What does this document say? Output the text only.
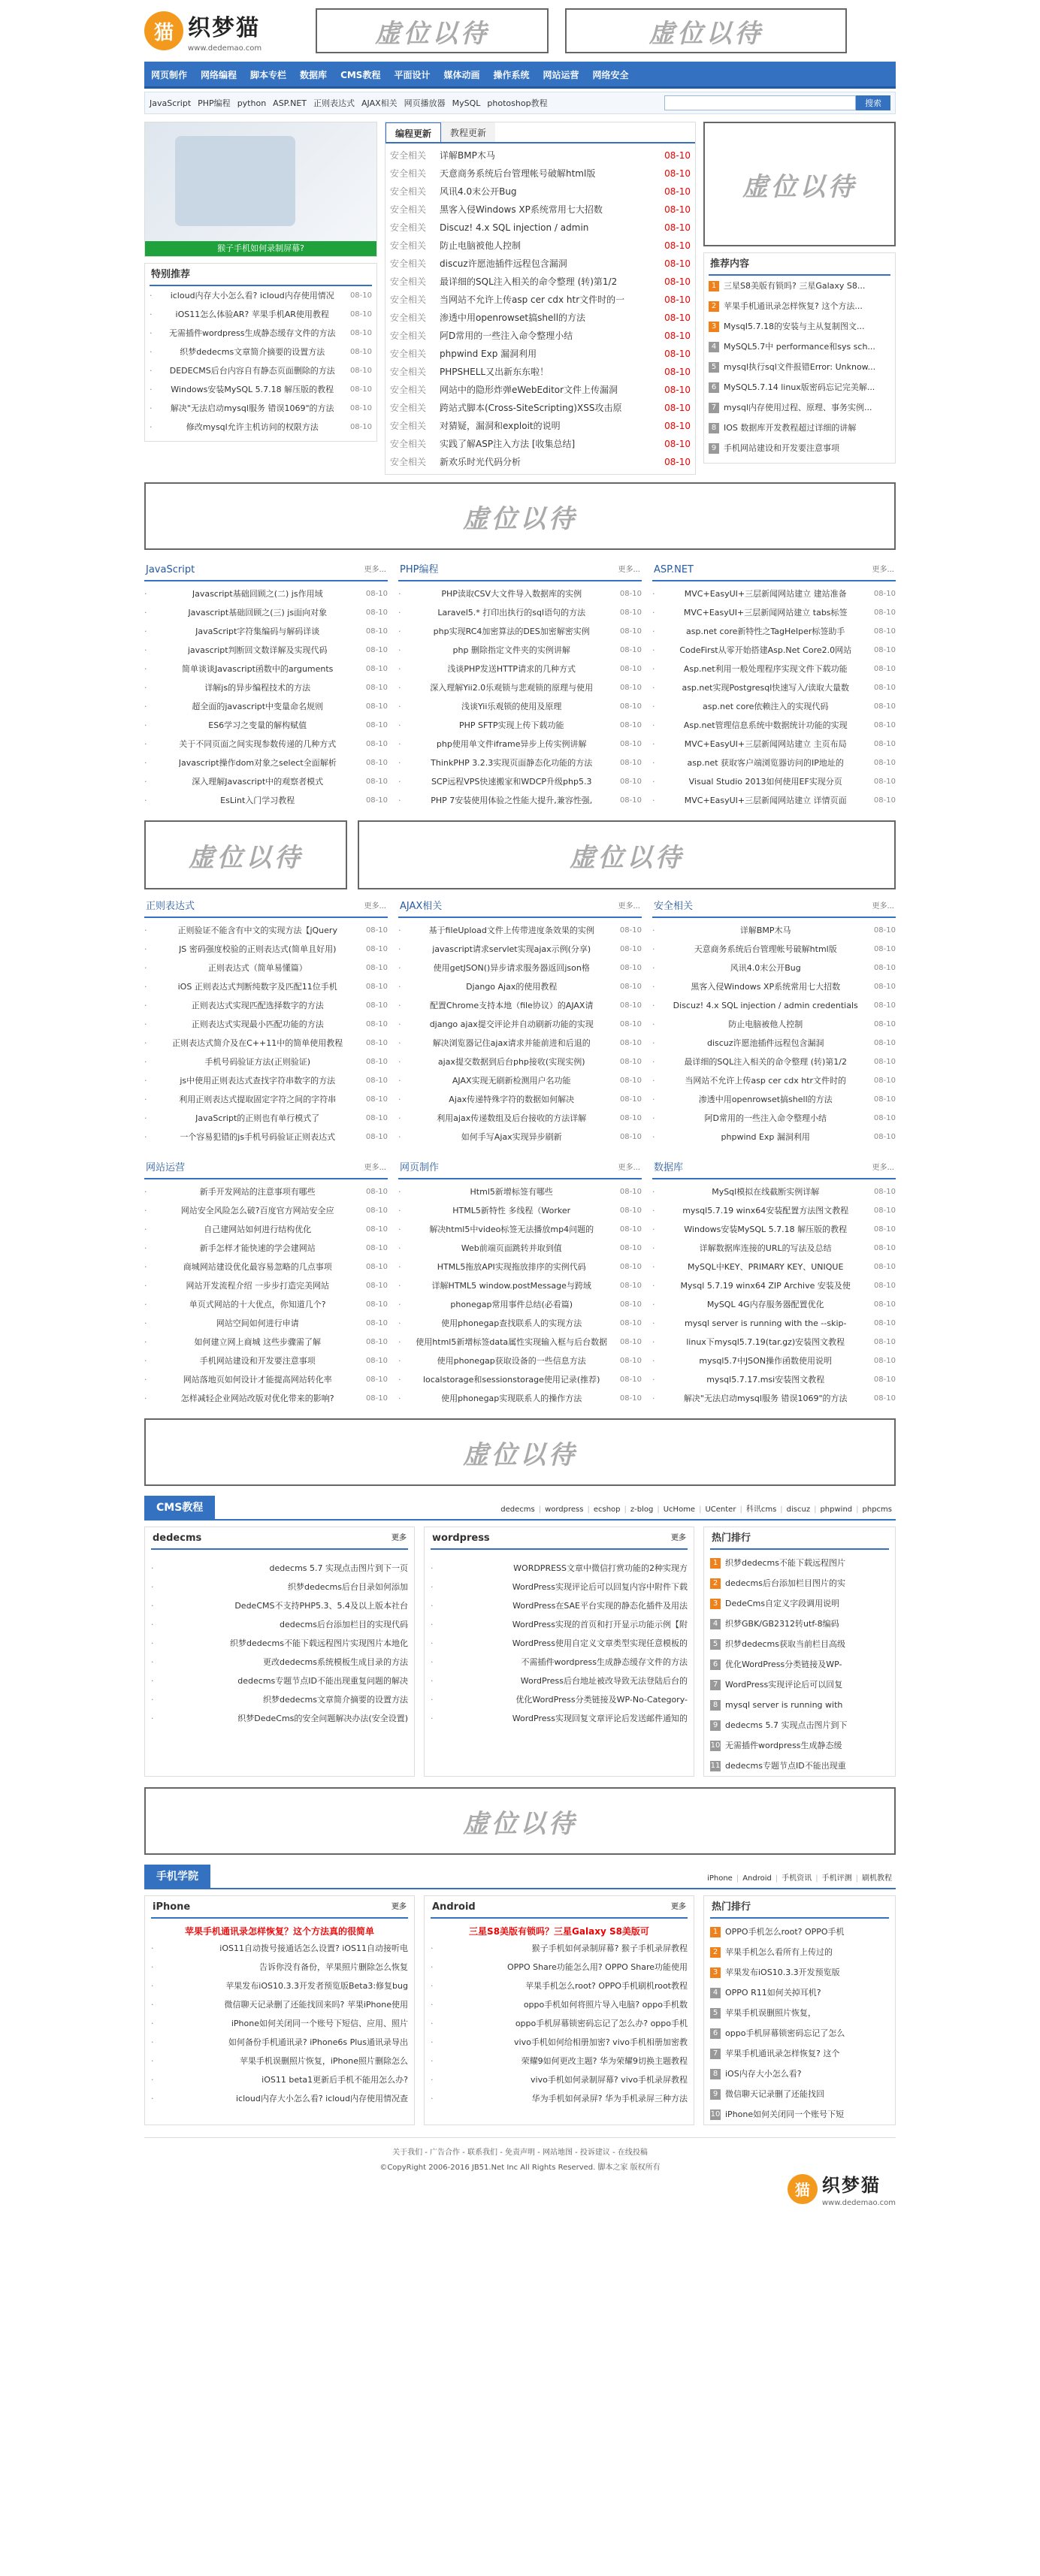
猫 织梦猫
www.dedemao.com	虚位以待	虚位以待
网页制作	网络编程	脚本专栏	数据库	CMS教程	平面设计	媒体动画	操作系统	网站运营	网络安全
JavaScript PHP编程 python ASP.NET 正则表达式 AJAX相关 网页播放器 MySQL photoshop教程	搜索
猴子手机如何录制屏幕?
特别推荐
· icloud内存大小怎么看? icloud内存使用情况 08-10
· iOS11怎么体验AR? 苹果手机AR使用教程	08-10
· 无需插件wordpress生成静态缓存文件的方法 08-10
· 织梦dedecms文章简介摘要的设置方法	08-10
· DEDECMS后台内容自有静态页面删除的方法 08-10
· Windows安装MySQL 5.7.18 解压版的教程 08-10
· 解决"无法启动mysql服务 错误1069"的方法 08-10
· 修改mysql允许主机访问的权限方法	08-10
编程更新	教程更新
安全相关	详解BMP木马	08-10
安全相关	天意商务系统后台管理帐号破解html版	08-10
安全相关	风讯4.0末公开Bug	08-10
安全相关	黑客入侵Windows XP系统常用七大招数	08-10
安全相关	Discuz! 4.x SQL injection / admin	08-10
安全相关	防止电脑被他人控制	08-10
安全相关	discuz许愿池插件远程包含漏洞	08-10
安全相关	最详细的SQL注入相关的命令整理 (转)第1/2	08-10
安全相关	当网站不允许上传asp cer cdx htr文件时的一	08-10
安全相关	渗透中用openrowset搞shell的方法	08-10
安全相关	阿D常用的一些注入命令整理小结	08-10
安全相关	phpwind Exp 漏洞利用	08-10
安全相关	PHPSHELL又出新东东啦！	08-10
安全相关	网站中的隐形炸弹eWebEditor文件上传漏洞	08-10
安全相关	跨站式脚本(Cross-SiteScripting)XSS攻击原	08-10
安全相关	对猜疑，漏洞和exploit的说明	08-10
安全相关	实践了解ASP注入方法 [收集总结]	08-10
安全相关	新欢乐时光代码分析	08-10
虚位以待
推荐内容
1 三星S8美版有锁吗? 三星Galaxy S8...
2 苹果手机通讯录怎样恢复? 这个方法...
3 MysqI5.7.18的安装与主从复制图文...
4 MySQL5.7中 performance和sys sch...
5 mysql执行sql文件报错Error: Unknow...
6 MySQL5.7.14 linux版密码忘记完美解...
7 mysql内存使用过程、原理、事务实例...
8 IOS 数据库开发教程超过详细的讲解
9 手机网站建设和开发要注意事项
虚位以待
JavaScript	更多...
· Javascript基础回顾之(二) js作用域	08-10
· Javascript基础回顾之(三) js面向对象	08-10
· JavaScript字符集编码与解码详谈	08-10
· javascript判断回文数详解及实现代码	08-10
· 简单谈谈Javascript函数中的arguments	08-10
· 详解js的异步编程技术的方法	08-10
· 超全面的javascript中变量命名规则	08-10
· ES6学习之变量的解构赋值	08-10
· 关于不同页面之间实现参数传递的几种方式	08-10
· Javascript操作dom对象之select全面解析	08-10
· 深入理解Javascript中的观察者模式	08-10
· EsLint入门学习教程	08-10
PHP编程	更多...
· PHP读取CSV大文件导入数据库的实例	08-10
· Laravel5.* 打印出执行的sql语句的方法	08-10
· php实现RC4加密算法的DES加密解密实例	08-10
· php 删除指定文件夹的实例讲解	08-10
· 浅谈PHP发送HTTP请求的几种方式	08-10
· 深入理解Yii2.0乐观锁与悲观锁的原理与使用	08-10
· 浅谈Yii乐观锁的使用及原理	08-10
· PHP SFTP实现上传下载功能	08-10
· php使用单文件iframe异步上传实例讲解	08-10
· ThinkPHP 3.2.3实现页面静态化功能的方法	08-10
· SCP远程VPS快速搬家和WDCP升级php5.3	08-10
· PHP 7安装使用体验之性能大提升,兼容性强,	08-10
ASP.NET	更多...
· MVC+EasyUI+三层新闻网站建立 建站准备	08-10
· MVC+EasyUI+三层新闻网站建立 tabs标签	08-10
· asp.net core新特性之TagHelper标签助手	08-10
· CodeFirst从零开始搭建Asp.Net Core2.0网站	08-10
· Asp.net利用一般处理程序实现文件下载功能	08-10
· asp.net实现Postgresql快速写入/读取大量数	08-10
· asp.net core依赖注入的实现代码	08-10
· Asp.net管理信息系统中数据统计功能的实现	08-10
· MVC+EasyUI+三层新闻网站建立 主页布局	08-10
· asp.net 获取客户端浏览器访问的IP地址的	08-10
· Visual Studio 2013如何使用EF实现分页	08-10
· MVC+EasyUI+三层新闻网站建立 详情页面	08-10
虚位以待	虚位以待
正则表达式	更多...
· 正则验证不能含有中文的实现方法【jQuery	08-10
· JS 密码强度校验的正则表达式(简单且好用)	08-10
· 正则表达式（简单易懂篇）	08-10
· iOS 正则表达式判断纯数字及匹配11位手机	08-10
· 正则表达式实现匹配选择数字的方法	08-10
· 正则表达式实现最小匹配功能的方法	08-10
· 正则表达式简介及在C++11中的简单使用教程	08-10
· 手机号码验证方法(正则验证)	08-10
· js中使用正则表达式查找字符串数字的方法	08-10
· 利用正则表达式提取固定字符之间的字符串	08-10
· JavaScript的正则也有单行模式了	08-10
· 一个容易犯错的js手机号码验证正则表达式	08-10
AJAX相关	更多...
· 基于fileUpload文件上传带进度条效果的实例	08-10
· javascript请求servlet实现ajax示例(分享)	08-10
· 使用getJSON()异步请求服务器返回json格	08-10
· Django Ajax的使用教程	08-10
· 配置Chrome支持本地（file协议）的AJAX请	08-10
· django ajax提交评论并自动刷新功能的实现	08-10
· 解决浏览器记住ajax请求并能前进和后退的	08-10
· ajax提交数据到后台php接收(实现实例)	08-10
· AJAX实现无刷新检测用户名功能	08-10
· Ajax传递特殊字符的数据如何解决	08-10
· 利用ajax传递数组及后台接收的方法详解	08-10
· 如何手写Ajax实现异步刷新	08-10
安全相关	更多...
· 详解BMP木马	08-10
· 天意商务系统后台管理帐号破解html版	08-10
· 风讯4.0末公开Bug	08-10
· 黑客入侵Windows XP系统常用七大招数	08-10
· Discuz! 4.x SQL injection / admin credentials 08-10
· 防止电脑被他人控制	08-10
· discuz许愿池插件远程包含漏洞	08-10
· 最详细的SQL注入相关的命令整理 (转)第1/2	08-10
· 当网站不允许上传asp cer cdx htr文件时的	08-10
· 渗透中用openrowset搞shell的方法	08-10
· 阿D常用的一些注入命令整理小结	08-10
· phpwind Exp 漏洞利用	08-10
网站运营	更多...
· 新手开发网站的注意事项有哪些	08-10
· 网站安全风险怎么破?百度官方网站安全应	08-10
· 自己建网站如何进行结构优化	08-10
· 新手怎样才能快速的学会建网站	08-10
· 商城网站建设优化最容易忽略的几点事项	08-10
· 网站开发流程介绍 一步步打造完美网站	08-10
· 单页式网站的十大优点，你知道几个?	08-10
· 网站空间如何进行申请	08-10
· 如何建立网上商城 这些步骤需了解	08-10
· 手机网站建设和开发要注意事项	08-10
· 网站落地页如何设计才能提高网站转化率	08-10
· 怎样减轻企业网站改版对优化带来的影响?	08-10
网页制作	更多...
· Html5新增标签有哪些	08-10
· HTML5新特性 多线程（Worker	08-10
· 解决html5中video标签无法播放mp4问题的	08-10
· Web前端页面跳转并取到值	08-10
· HTML5拖放API实现拖放排序的实例代码	08-10
· 详解HTML5 window.postMessage与跨域	08-10
· phonegap常用事件总结(必看篇)	08-10
· 使用phonegap查找联系人的实现方法	08-10
· 使用html5新增标签data属性实现输入框与后台数据 08-10
· 使用phonegap获取设备的一些信息方法	08-10
· localstorage和sessionstorage使用记录(推荐)	08-10
· 使用phonegap实现联系人的操作方法	08-10
数据库	更多...
· MySql模拟在线截断实例详解	08-10
· mysql5.7.19 winx64安装配置方法图文教程	08-10
· Windows安装MySQL 5.7.18 解压版的教程	08-10
· 详解数据库连接的URL的写法及总结	08-10
· MySQL中KEY、PRIMARY KEY、UNIQUE	08-10
· Mysql 5.7.19 winx64 ZIP Archive 安装及使	08-10
· MySQL 4G内存服务器配置优化	08-10
· mysql server is running with the --skip-	08-10
· linux下mysql5.7.19(tar.gz)安装图文教程	08-10
· mysql5.7中JSON操作函数使用说明	08-10
· mysql5.7.17.msi安装图文教程	08-10
· 解决"无法启动mysql服务 错误1069"的方法	08-10
虚位以待
CMS教程	dedecms | wordpress | ecshop | z-blog | UcHome | UCenter | 科讯cms | discuz | phpwind | phpcms
dedecms	更多
· dedecms 5.7 实现点击图片到下一页
· 织梦dedecms后台目录如何添加
· DedeCMS不支持PHP5.3、5.4及以上版本社台
· dedecms后台添加栏目的实现代码
· 织梦dedecms不能下载远程图片实现图片本地化
· 更改dedecms系统模板生成目录的方法
· dedecms专题节点ID不能出现重复问题的解决
· 织梦dedecms文章简介摘要的设置方法
· 织梦DedeCms的安全问题解决办法(安全设置)
wordpress	更多
· WORDPRESS文章中微信打赏功能的2种实现方
· WordPress实现评论后可以回复内容中附件下载
· WordPress在SAE平台实现的静态化插件及用法
· WordPress实现的首页和打开显示功能示例【附
· WordPress使用自定义文章类型实现任意模板的
· 不需插件wordpress生成静态缓存文件的方法
· WordPress后台地址被改导致无法登陆后台的
· 优化WordPress分类链接及WP-No-Category-
· WordPress实现回复文章评论后发送邮件通知的
热门排行
1 织梦dedecms不能下载远程图片
2 dedecms后台添加栏目图片的实
3 DedeCms自定义字段调用说明
4 织梦GBK/GB2312转utf-8编码
5 织梦dedecms获取当前栏目高级
6 优化WordPress分类链接及WP-
7 WordPress实现评论后可以回复
8 mysql server is running with
9 dedecms 5.7 实现点击图片到下
10 无需插件wordpress生成静态缓
11 dedecms专题节点ID不能出现重
虚位以待
手机学院	iPhone | Android | 手机资讯 | 手机评测 | 刷机教程
iPhone	更多
苹果手机通讯录怎样恢复？这个方法真的很简单
· iOS11自动拨号接通话怎么设置? iOS11自动接听电
· 告诉你没有备份，苹果照片删除怎么恢复
· 苹果发布iOS10.3.3开发者预览版Beta3:修复bug
· 微信聊天记录删了还能找回来吗? 苹果iPhone使用
· iPhone如何关闭同一个账号下短信、应用、照片
· 如何备份手机通讯录? iPhone6s Plus通讯录导出
· 苹果手机误删照片恢复，iPhone照片删除怎么
· iOS11 beta1更新后手机不能用怎么办?
· icloud内存大小怎么看? icloud内存使用情况查
Android	更多
三星S8美版有锁吗？三星Galaxy S8美版可
· 猴子手机如何录制屏幕? 猴子手机录屏教程
· OPPO Share功能怎么用? OPPO Share功能使用
· 苹果手机怎么root? OPPO手机刷机root教程
· oppo手机如何将照片导入电脑? oppo手机数
· oppo手机屏幕锁密码忘记了怎么办? oppo手机
· vivo手机如何给相册加密? vivo手机相册加密教
· 荣耀9如何更改主题? 华为荣耀9切换主题教程
· vivo手机如何录制屏幕? vivo手机录屏教程
· 华为手机如何录屏? 华为手机录屏三种方法
热门排行
1 OPPO手机怎么root? OPPO手机
2 苹果手机怎么看所有上传过的
3 苹果发布iOS10.3.3开发预览版
4 OPPO R11如何关掉耳机?
5 苹果手机误删照片恢复，
6 oppo手机屏幕锁密码忘记了怎么
7 苹果手机通讯录怎样恢复? 这个
8 iOS内存大小怎么看?
9 微信聊天记录删了还能找回
10 iPhone如何关闭同一个账号下短
关于我们 - 广告合作 - 联系我们 - 免责声明 - 网站地图 - 投诉建议 - 在线投稿
©CopyRight 2006-2016 JB51.Net Inc All Rights Reserved. 脚本之家 版权所有
猫 织梦猫
www.dedemao.com
